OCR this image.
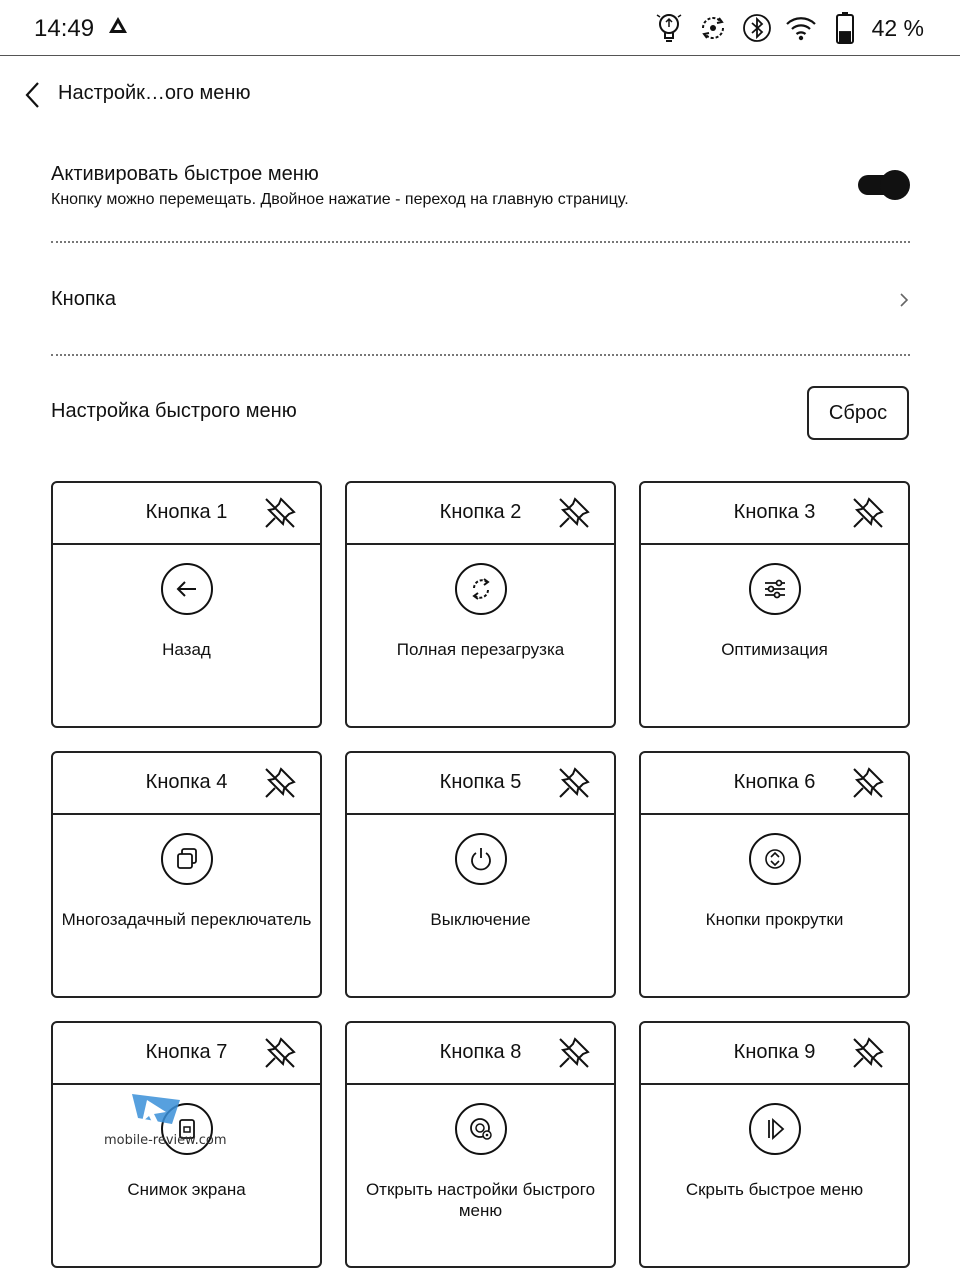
14:49	42 %
Настройк…ого меню
Активировать быстрое меню
Кнопку можно перемещать. Двойное нажатие - переход на главную страницу.
Кнопка
Настройка быстрого меню	Сброс
Кнопка 1
Назад
Кнопка 2
Полная перезагрузка
Кнопка 3
Оптимизация
Кнопка 4
Многозадачный переключатель
Кнопка 5
Выключение
Кнопка 6
Кнопки прокрутки
Кнопка 7
Снимок экрана
Кнопка 8
Открыть настройки быстрого меню
Кнопка 9
Скрыть быстрое меню
mobile-review.com
